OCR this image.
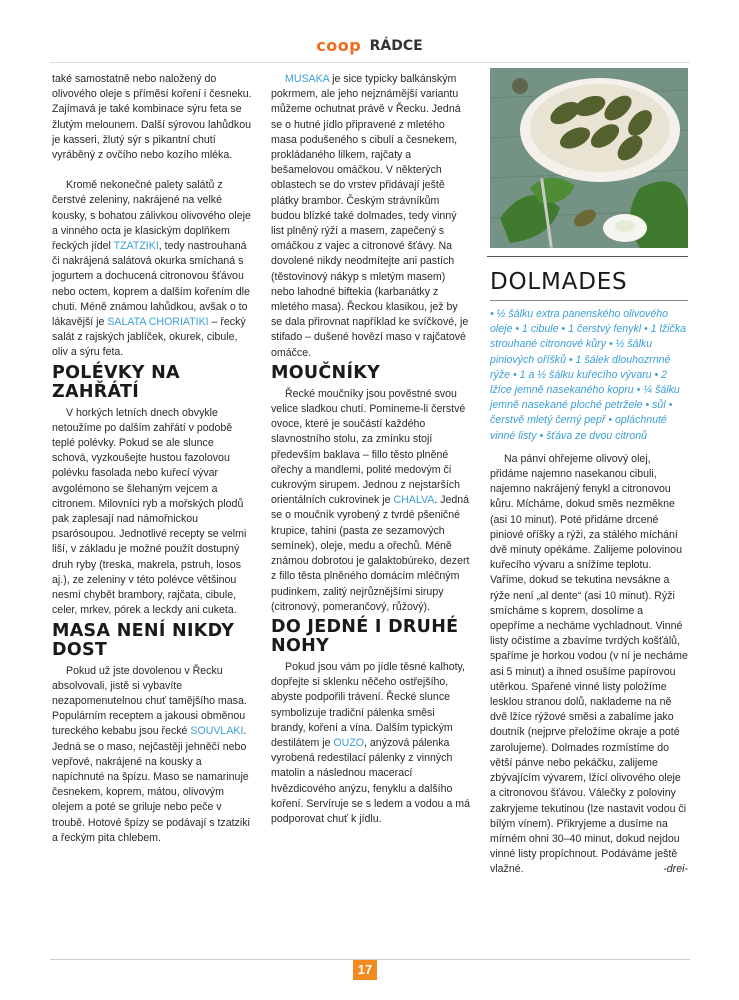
coop RÁDCE

také samostatně nebo naložený do olivového oleje s příměsí koření i česneku. Zajímavá je také kombinace sýru feta se žlutým melounem. Další sýrovou lahůdkou je kasseri, žlutý sýr s pikantní chutí vyráběný z ovčího nebo kozího mléka.

Kromě nekonečné palety salátů z čerstvé zeleniny, nakrájené na velké kousky, s bohatou zálivkou olivového oleje a vinného octa je klasickým doplňkem řeckých jídel TZATZIKI, tedy nastrouhaná či nakrájená salátová okurka smíchaná s jogurtem a dochucená citronovou šťávou nebo octem, koprem a dalším kořením dle chuti. Méně známou lahůdkou, avšak o to lákavější je SALATA CHORIATIKI – řecký salát z rajských jablíček, okurek, cibule, oliv a sýru feta.

POLÉVKY NA ZAHŘÁTÍ

V horkých letních dnech obvykle netoužíme po dalším zahřátí v podobě teplé polévky. Pokud se ale slunce schová, vyzkoušejte hustou fazolovou polévku fasolada nebo kuřecí vývar avgolémono se šlehaným vejcem a citronem. Milovníci ryb a mořských plodů pak zaplesají nad námořnickou psarósoupou. Jednotlivé recepty se velmi liší, v základu je možné použít dostupný druh ryby (treska, makrela, pstruh, losos aj.), ze zeleniny v této polévce většinou nesmí chybět brambory, rajčata, cibule, celer, mrkev, pórek a leckdy ani cuketa.

MASA NENÍ NIKDY DOST

Pokud už jste dovolenou v Řecku absolvovali, jistě si vybavíte nezapomenutelnou chuť tamějšího masa. Populárním receptem a jakousi obměnou tureckého kebabu jsou řecké SOUVLAKI. Jedná se o maso, nejčastěji jehněčí nebo vepřové, nakrájené na kousky a napíchnuté na špízu. Maso se namarinuje česnekem, koprem, mátou, olivovým olejem a poté se griluje nebo peče v troubě. Hotové špízy se podávají s tzatziki a řeckým pita chlebem.

MUSAKA je sice typicky balkánským pokrmem, ale jeho nejznámější variantu můžeme ochutnat právě v Řecku. Jedná se o hutné jídlo připravené z mletého masa podušeného s cibulí a česnekem, prokládaného lilkem, rajčaty a bešamelovou omáčkou. V některých oblastech se do vrstev přidávají ještě plátky brambor. Českým strávníkům budou blízké také dolmades, tedy vinný list plněný rýží a masem, zapečený s omáčkou z vajec a citronové šťávy. Na dovolené nikdy neodmítejte ani pastích (těstovinový nákyp s mletým masem) nebo lahodné biftekia (karbanátky z mletého masa). Řeckou klasikou, jež by se dala přirovnat například ke svíčkové, je stifado – dušené hovězí maso v rajčatové omáčce.

MOUČNÍKY

Řecké moučníky jsou pověstné svou velice sladkou chutí. Pomineme-li čerstvé ovoce, které je součástí každého slavnostního stolu, za zmínku stojí především baklava – fillo těsto plněné ořechy a mandlemi, polité medovým či cukrovým sirupem. Jednou z nejstarších orientálních cukrovinek je CHALVA. Jedná se o moučník vyrobený z tvrdé pšeničné krupice, tahini (pasta ze sezamových semínek), oleje, medu a ořechů. Méně známou dobrotou je galaktobúreko, dezert z fillo těsta plněného domácím mléčným pudinkem, zalitý nejrůznějšími sirupy (citronový, pomerančový, růžový).

DO JEDNÉ I DRUHÉ NOHY

Pokud jsou vám po jídle těsné kalhoty, dopřejte si sklenku něčeho ostřejšího, abyste podpořili trávení. Řecké slunce symbolizuje tradiční pálenka směsi brandy, koření a vína. Dalším typickým destilátem je OUZO, anýzová pálenka vyrobená redestilací pálenky z vinných matolin a následnou macerací hvězdicového anýzu, fenyklu a dalšího koření. Servíruje se s ledem a vodou a má podporovat chuť k jídlu.

DOLMADES

• ½ šálku extra panenského olivového oleje • 1 cibule • 1 čerstvý fenykl • 1 lžička strouhané citronové kůry • ½ šálku piniových oříšků • 1 šálek dlouhozrnné rýže • 1 a ½ šálku kuřecího vývaru • 2 lžíce jemně nasekaného kopru • ¼ šálku jemně nasekané ploché petržele • sůl • čerstvě mletý černý pepř • opláchnuté vinné listy • šťáva ze dvou citronů

Na pánvi ohřejeme olivový olej, přidáme najemno nasekanou cibuli, najemno nakrájený fenykl a citronovou kůru. Mícháme, dokud směs nezměkne (asi 10 minut). Poté přidáme drcené piniové oříšky a rýži, za stálého míchání dvě minuty opékáme. Zalijeme polovinou kuřecího vývaru a snížíme teplotu. Vaříme, dokud se tekutina nevsákne a rýže není „al dente“ (asi 10 minut). Rýži smícháme s koprem, dosolíme a opepříme a necháme vychladnout. Vinné listy očistíme a zbavíme tvrdých košťálů, spaříme je horkou vodou (v ní je necháme asi 5 minut) a ihned osušíme papírovou utěrkou. Spařené vinné listy položíme lesklou stranou dolů, naklademe na ně dvě lžíce rýžové směsi a zabalíme jako doutník (nejprve přeložíme okraje a poté zarolujeme). Dolmades rozmístíme do větší pánve nebo pekáčku, zalijeme zbývajícím vývarem, lžící olivového oleje a citronovou šťávou. Válečky z poloviny zakryjeme tekutinou (lze nastavit vodou či bílým vínem). Přikryjeme a dusíme na mírném ohni 30–40 minut, dokud nejdou vinné listy propíchnout. Podáváme ještě vlažné.	-drei-

17
